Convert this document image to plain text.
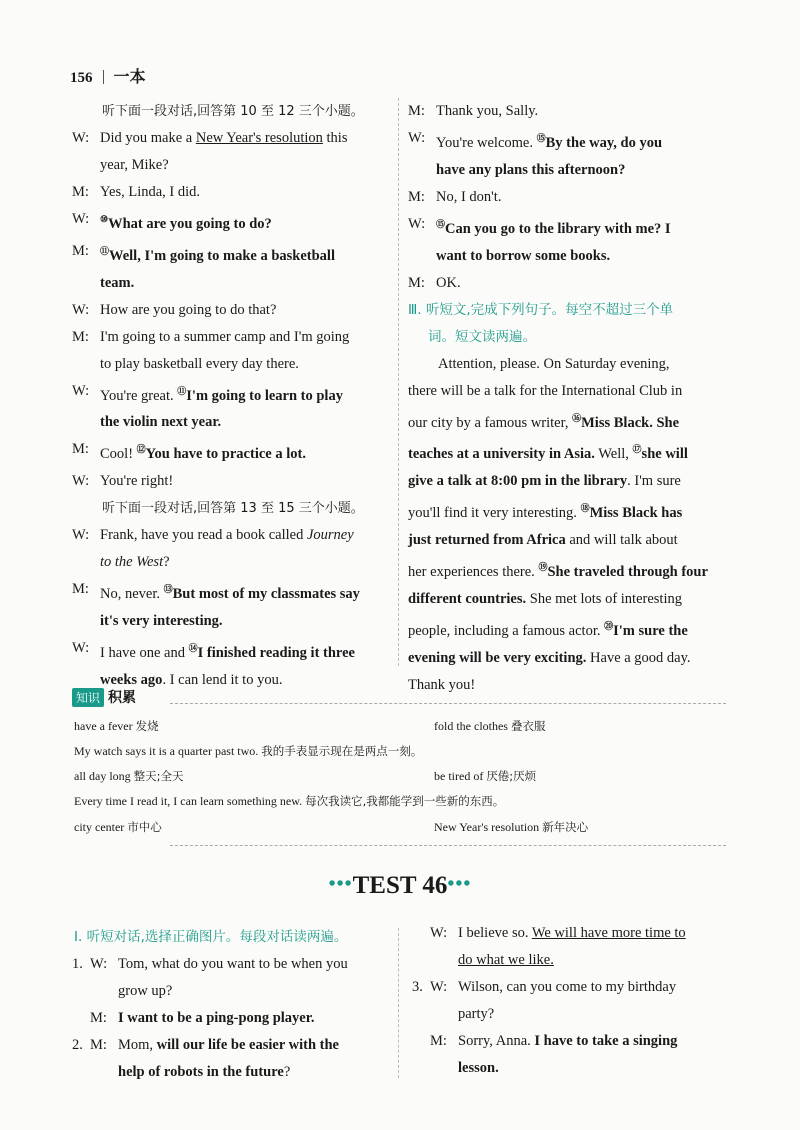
156 一本
听下面一段对话,回答第 10 至 12 三个小题。
W: Did you make a New Year's resolution this
year, Mike?
M: Yes, Linda, I did.
W: ⑩What are you going to do?
M: ⑪Well, I'm going to make a basketball
team.
W: How are you going to do that?
M: I'm going to a summer camp and I'm going
to play basketball every day there.
W: You're great. ⑪I'm going to learn to play
the violin next year.
M: Cool! ⑫You have to practice a lot.
W: You're right!
听下面一段对话,回答第 13 至 15 三个小题。
W: Frank, have you read a book called Journey
to the West?
M: No, never. ⑬But most of my classmates say
it's very interesting.
W: I have one and ⑭I finished reading it three
weeks ago. I can lend it to you.
M: Thank you, Sally.
W: You're welcome. ⑮By the way, do you
have any plans this afternoon?
M: No, I don't.
W: ⑮Can you go to the library with me? I
want to borrow some books.
M: OK.
Ⅲ. 听短文,完成下列句子。每空不超过三个单
词。短文读两遍。
Attention, please. On Saturday evening,
there will be a talk for the International Club in
our city by a famous writer, ⑯Miss Black. She
teaches at a university in Asia. Well, ⑰she will
give a talk at 8:00 pm in the library. I'm sure
you'll find it very interesting. ⑱Miss Black has
just returned from Africa and will talk about
her experiences there. ⑲She traveled through four
different countries. She met lots of interesting
people, including a famous actor. ⑳I'm sure the
evening will be very exciting. Have a good day.
Thank you!
知识 积累
have a fever 发烧	fold the clothes 叠衣服
My watch says it is a quarter past two. 我的手表显示现在是两点一刻。
all day long 整天;全天	be tired of 厌倦;厌烦
Every time I read it, I can learn something new. 每次我读它,我都能学到一些新的东西。
city center 市中心	New Year's resolution 新年决心
•••TEST 46•••
Ⅰ. 听短对话,选择正确图片。每段对话读两遍。
1. W: Tom, what do you want to be when you
grow up?
M: I want to be a ping-pong player.
2. M: Mom, will our life be easier with the
help of robots in the future?
W: I believe so. We will have more time to
do what we like.
3. W: Wilson, can you come to my birthday
party?
M: Sorry, Anna. I have to take a singing
lesson.
